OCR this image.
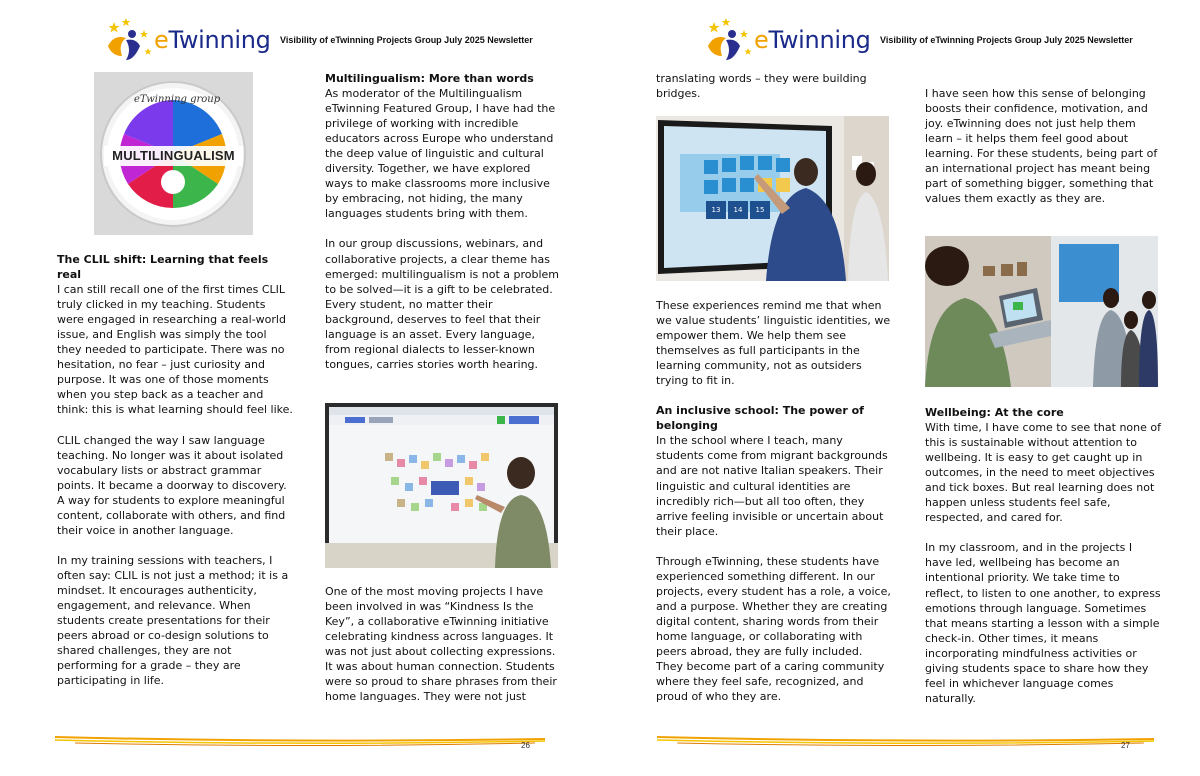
eTwinning Visibility of eTwinning Projects Group July 2025 Newsletter
eTwinning group
MULTILINGUALISM
The CLIL shift: Learning that feels real

I can still recall one of the first times CLIL truly clicked in my teaching. Students were engaged in researching a real-world issue, and English was simply the tool they needed to participate. There was no hesitation, no fear – just curiosity and purpose. It was one of those moments when you step back as a teacher and think: this is what learning should feel like.

CLIL changed the way I saw language teaching. No longer was it about isolated vocabulary lists or abstract grammar points. It became a doorway to discovery. A way for students to explore meaningful content, collaborate with others, and find their voice in another language.

In my training sessions with teachers, I often say: CLIL is not just a method; it is a mindset. It encourages authenticity, engagement, and relevance. When students create presentations for their peers abroad or co-design solutions to shared challenges, they are not performing for a grade – they are participating in life.

Multilingualism: More than words

As moderator of the Multilingualism eTwinning Featured Group, I have had the privilege of working with incredible educators across Europe who understand the deep value of linguistic and cultural diversity. Together, we have explored ways to make classrooms more inclusive by embracing, not hiding, the many languages students bring with them.

In our group discussions, webinars, and collaborative projects, a clear theme has emerged: multilingualism is not a problem to be solved—it is a gift to be celebrated. Every student, no matter their background, deserves to feel that their language is an asset. Every language, from regional dialects to lesser-known tongues, carries stories worth hearing.

One of the most moving projects I have been involved in was “Kindness Is the Key”, a collaborative eTwinning initiative celebrating kindness across languages. It was not just about collecting expressions. It was about human connection. Students were so proud to share phrases from their home languages. They were not just

26
eTwinning Visibility of eTwinning Projects Group July 2025 Newsletter

translating words – they were building bridges.

13	14	15

These experiences remind me that when we value students’ linguistic identities, we empower them. We help them see themselves as full participants in the learning community, not as outsiders trying to fit in.

An inclusive school: The power of belonging

In the school where I teach, many students come from migrant backgrounds and are not native Italian speakers. Their linguistic and cultural identities are incredibly rich—but all too often, they arrive feeling invisible or uncertain about their place.

Through eTwinning, these students have experienced something different. In our projects, every student has a role, a voice, and a purpose. Whether they are creating digital content, sharing words from their home language, or collaborating with peers abroad, they are fully included. They become part of a caring community where they feel safe, recognized, and proud of who they are.

I have seen how this sense of belonging boosts their confidence, motivation, and joy. eTwinning does not just help them learn – it helps them feel good about learning. For these students, being part of an international project has meant being part of something bigger, something that values them exactly as they are.

Wellbeing: At the core

With time, I have come to see that none of this is sustainable without attention to wellbeing. It is easy to get caught up in outcomes, in the need to meet objectives and tick boxes. But real learning does not happen unless students feel safe, respected, and cared for.

In my classroom, and in the projects I have led, wellbeing has become an intentional priority. We take time to reflect, to listen to one another, to express emotions through language. Sometimes that means starting a lesson with a simple check-in. Other times, it means incorporating mindfulness activities or giving students space to share how they feel in whichever language comes naturally.

27
